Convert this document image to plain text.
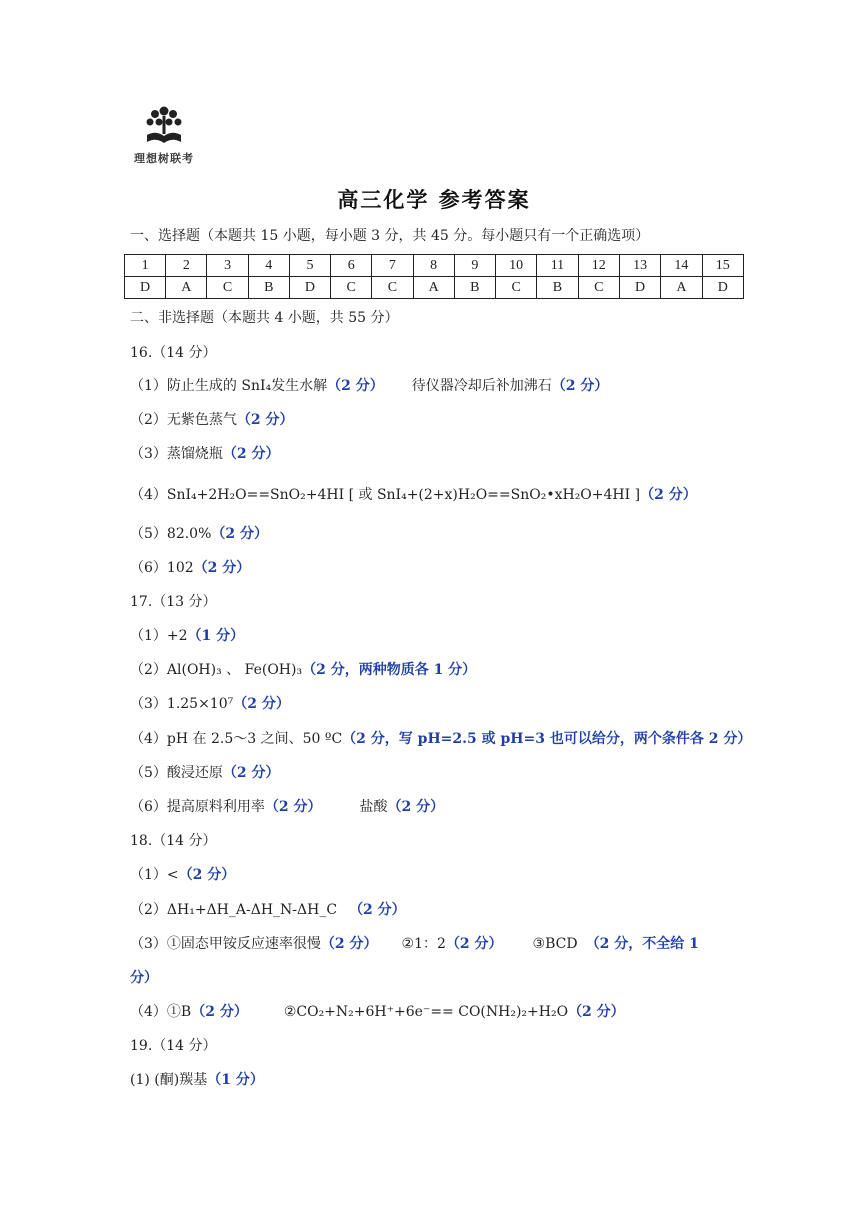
理想树联考
高三化学 参考答案
一、选择题（本题共 15 小题，每小题 3 分，共 45 分。每小题只有一个正确选项）
1	2	3	4	5	6	7	8	9	10	11	12	13	14	15
D	A	C	B	D	C	C	A	B	C	B	C	D	A	D
二、非选择题（本题共 4 小题，共 55 分）
16.（14 分）
（1）防止生成的 SnI₄发生水解（2 分） 待仪器冷却后补加沸石（2 分）
（2）无紫色蒸气（2 分）
（3）蒸馏烧瓶（2 分）
（4）SnI₄+2H₂O==SnO₂+4HI [ 或 SnI₄+(2+x)H₂O==SnO₂•xH₂O+4HI ]（2 分）
（5）82.0%（2 分）
（6）102（2 分）
17.（13 分）
（1）+2（1 分）
（2）Al(OH)₃ 、 Fe(OH)₃（2 分，两种物质各 1 分）
（3）1.25×10⁷（2 分）
（4）pH 在 2.5～3 之间、50 ºC（2 分，写 pH=2.5 或 pH=3 也可以给分，两个条件各 2 分）
（5）酸浸还原（2 分）
（6）提高原料利用率（2 分）	盐酸（2 分）
18.（14 分）
（1）<（2 分）
（2）ΔH₁+ΔH_A-ΔH_N-ΔH_C （2 分）
（3）①固态甲铵反应速率很慢（2 分） ②1：2（2 分） ③BCD （2 分，不全给 1
分）
（4）①B（2 分）	②CO₂+N₂+6H⁺+6e⁻== CO(NH₂)₂+H₂O（2 分）
19.（14 分）
(1) (酮)羰基（1 分）
